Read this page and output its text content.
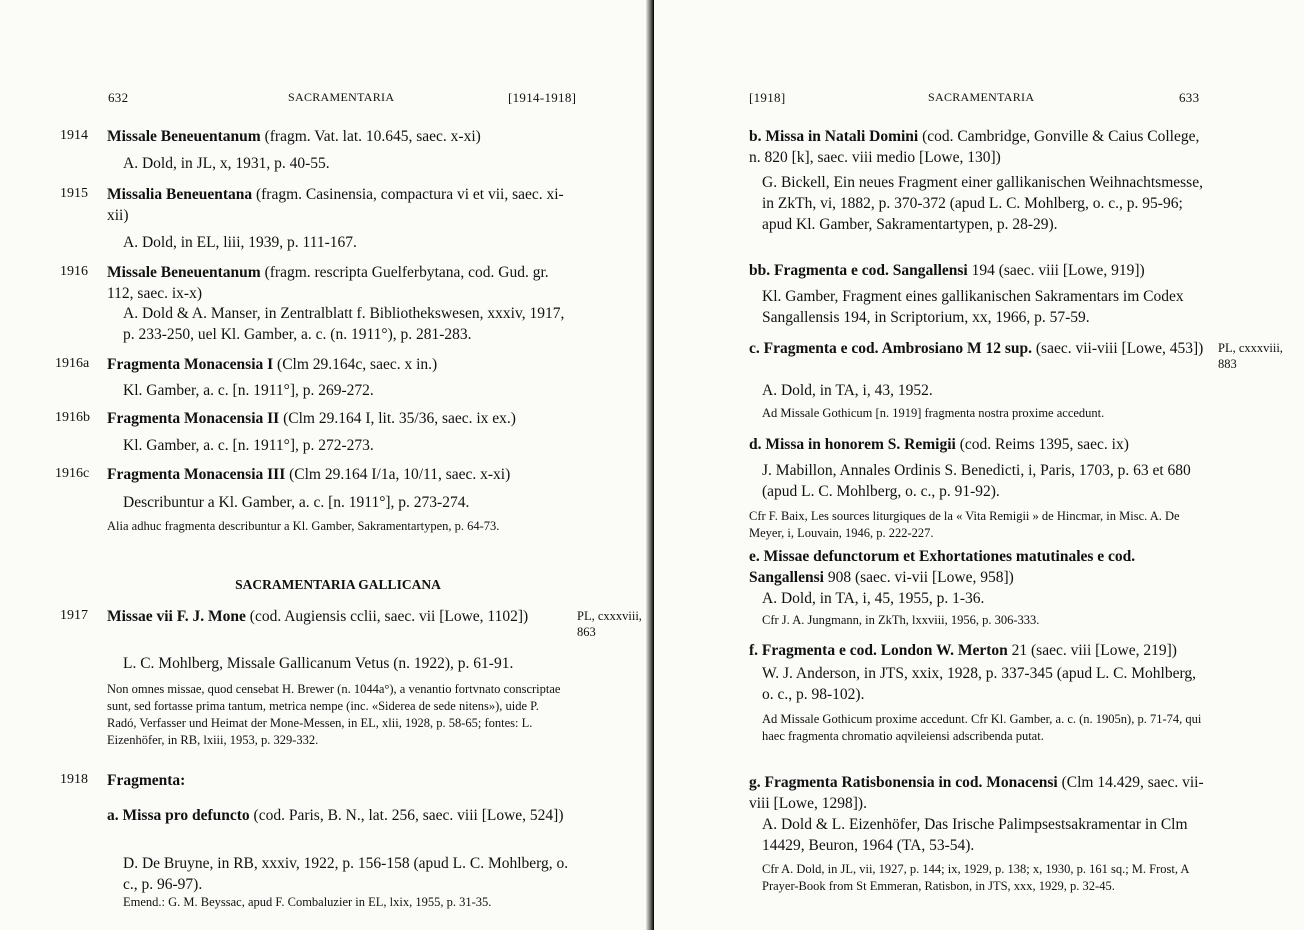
632	SACRAMENTARIA	[1914-1918]
1914 Missale Beneuentanum (fragm. Vat. lat. 10.645, saec. x-xi)
A. Dold, in JL, x, 1931, p. 40-55.
1915 Missalia Beneuentana (fragm. Casinensia, compactura vi et vii, saec. xi-xii)
A. Dold, in EL, liii, 1939, p. 111-167.
1916 Missale Beneuentanum (fragm. rescripta Guelferbytana, cod. Gud. gr. 112, saec. ix-x)
A. Dold & A. Manser, in Zentralblatt f. Bibliothekswesen, xxxiv, 1917, p. 233-250, uel Kl. Gamber, a. c. (n. 1911°), p. 281-283.
1916a Fragmenta Monacensia I (Clm 29.164c, saec. x in.)
Kl. Gamber, a. c. [n. 1911°], p. 269-272.
1916b Fragmenta Monacensia II (Clm 29.164 I, lit. 35/36, saec. ix ex.)
Kl. Gamber, a. c. [n. 1911°], p. 272-273.
1916c Fragmenta Monacensia III (Clm 29.164 I/1a, 10/11, saec. x-xi)
Describuntur a Kl. Gamber, a. c. [n. 1911°], p. 273-274.
Alia adhuc fragmenta describuntur a Kl. Gamber, Sakramentartypen, p. 64-73.
SACRAMENTARIA GALLICANA
1917 Missae vii F. J. Mone (cod. Augiensis cclii, saec. vii [Lowe, 1102])	PL, cxxxviii, 863
L. C. Mohlberg, Missale Gallicanum Vetus (n. 1922), p. 61-91.
Non omnes missae, quod censebat H. Brewer (n. 1044a°), a venantio fortvnato conscriptae sunt, sed fortasse prima tantum, metrica nempe (inc. «Siderea de sede nitens»), uide P. Radó, Verfasser und Heimat der Mone-Messen, in EL, xlii, 1928, p. 58-65; fontes: L. Eizenhöfer, in RB, lxiii, 1953, p. 329-332.
1918 Fragmenta:
a. Missa pro defuncto (cod. Paris, B. N., lat. 256, saec. viii [Lowe, 524])
D. De Bruyne, in RB, xxxiv, 1922, p. 156-158 (apud L. C. Mohlberg, o. c., p. 96-97).
Emend.: G. M. Beyssac, apud F. Combaluzier in EL, lxix, 1955, p. 31-35.
[1918]	SACRAMENTARIA	633
b. Missa in Natali Domini (cod. Cambridge, Gonville & Caius College, n. 820 [k], saec. viii medio [Lowe, 130])
G. Bickell, Ein neues Fragment einer gallikanischen Weihnachtsmesse, in ZkTh, vi, 1882, p. 370-372 (apud L. C. Mohlberg, o. c., p. 95-96; apud Kl. Gamber, Sakramentartypen, p. 28-29).
bb. Fragmenta e cod. Sangallensi 194 (saec. viii [Lowe, 919])
Kl. Gamber, Fragment eines gallikanischen Sakramentars im Codex Sangallensis 194, in Scriptorium, xx, 1966, p. 57-59.
c. Fragmenta e cod. Ambrosiano M 12 sup. (saec. vii-viii [Lowe, 453]) PL, cxxxviii, 883
A. Dold, in TA, i, 43, 1952.
Ad Missale Gothicum [n. 1919] fragmenta nostra proxime accedunt.
d. Missa in honorem S. Remigii (cod. Reims 1395, saec. ix)
J. Mabillon, Annales Ordinis S. Benedicti, i, Paris, 1703, p. 63 et 680 (apud L. C. Mohlberg, o. c., p. 91-92).
Cfr F. Baix, Les sources liturgiques de la « Vita Remigii » de Hincmar, in Misc. A. De Meyer, i, Louvain, 1946, p. 222-227.
e. Missae defunctorum et Exhortationes matutinales e cod. Sangallensi 908 (saec. vi-vii [Lowe, 958])
A. Dold, in TA, i, 45, 1955, p. 1-36.
Cfr J. A. Jungmann, in ZkTh, lxxviii, 1956, p. 306-333.
f. Fragmenta e cod. London W. Merton 21 (saec. viii [Lowe, 219])
W. J. Anderson, in JTS, xxix, 1928, p. 337-345 (apud L. C. Mohlberg, o. c., p. 98-102).
Ad Missale Gothicum proxime accedunt. Cfr Kl. Gamber, a. c. (n. 1905n), p. 71-74, qui haec fragmenta chromatio aqvileiensi adscribenda putat.
g. Fragmenta Ratisbonensia in cod. Monacensi (Clm 14.429, saec. vii-viii [Lowe, 1298]).
A. Dold & L. Eizenhöfer, Das Irische Palimpsestsakramentar in Clm 14429, Beuron, 1964 (TA, 53-54).
Cfr A. Dold, in JL, vii, 1927, p. 144; ix, 1929, p. 138; x, 1930, p. 161 sq.; M. Frost, A Prayer-Book from St Emmeran, Ratisbon, in JTS, xxx, 1929, p. 32-45.
